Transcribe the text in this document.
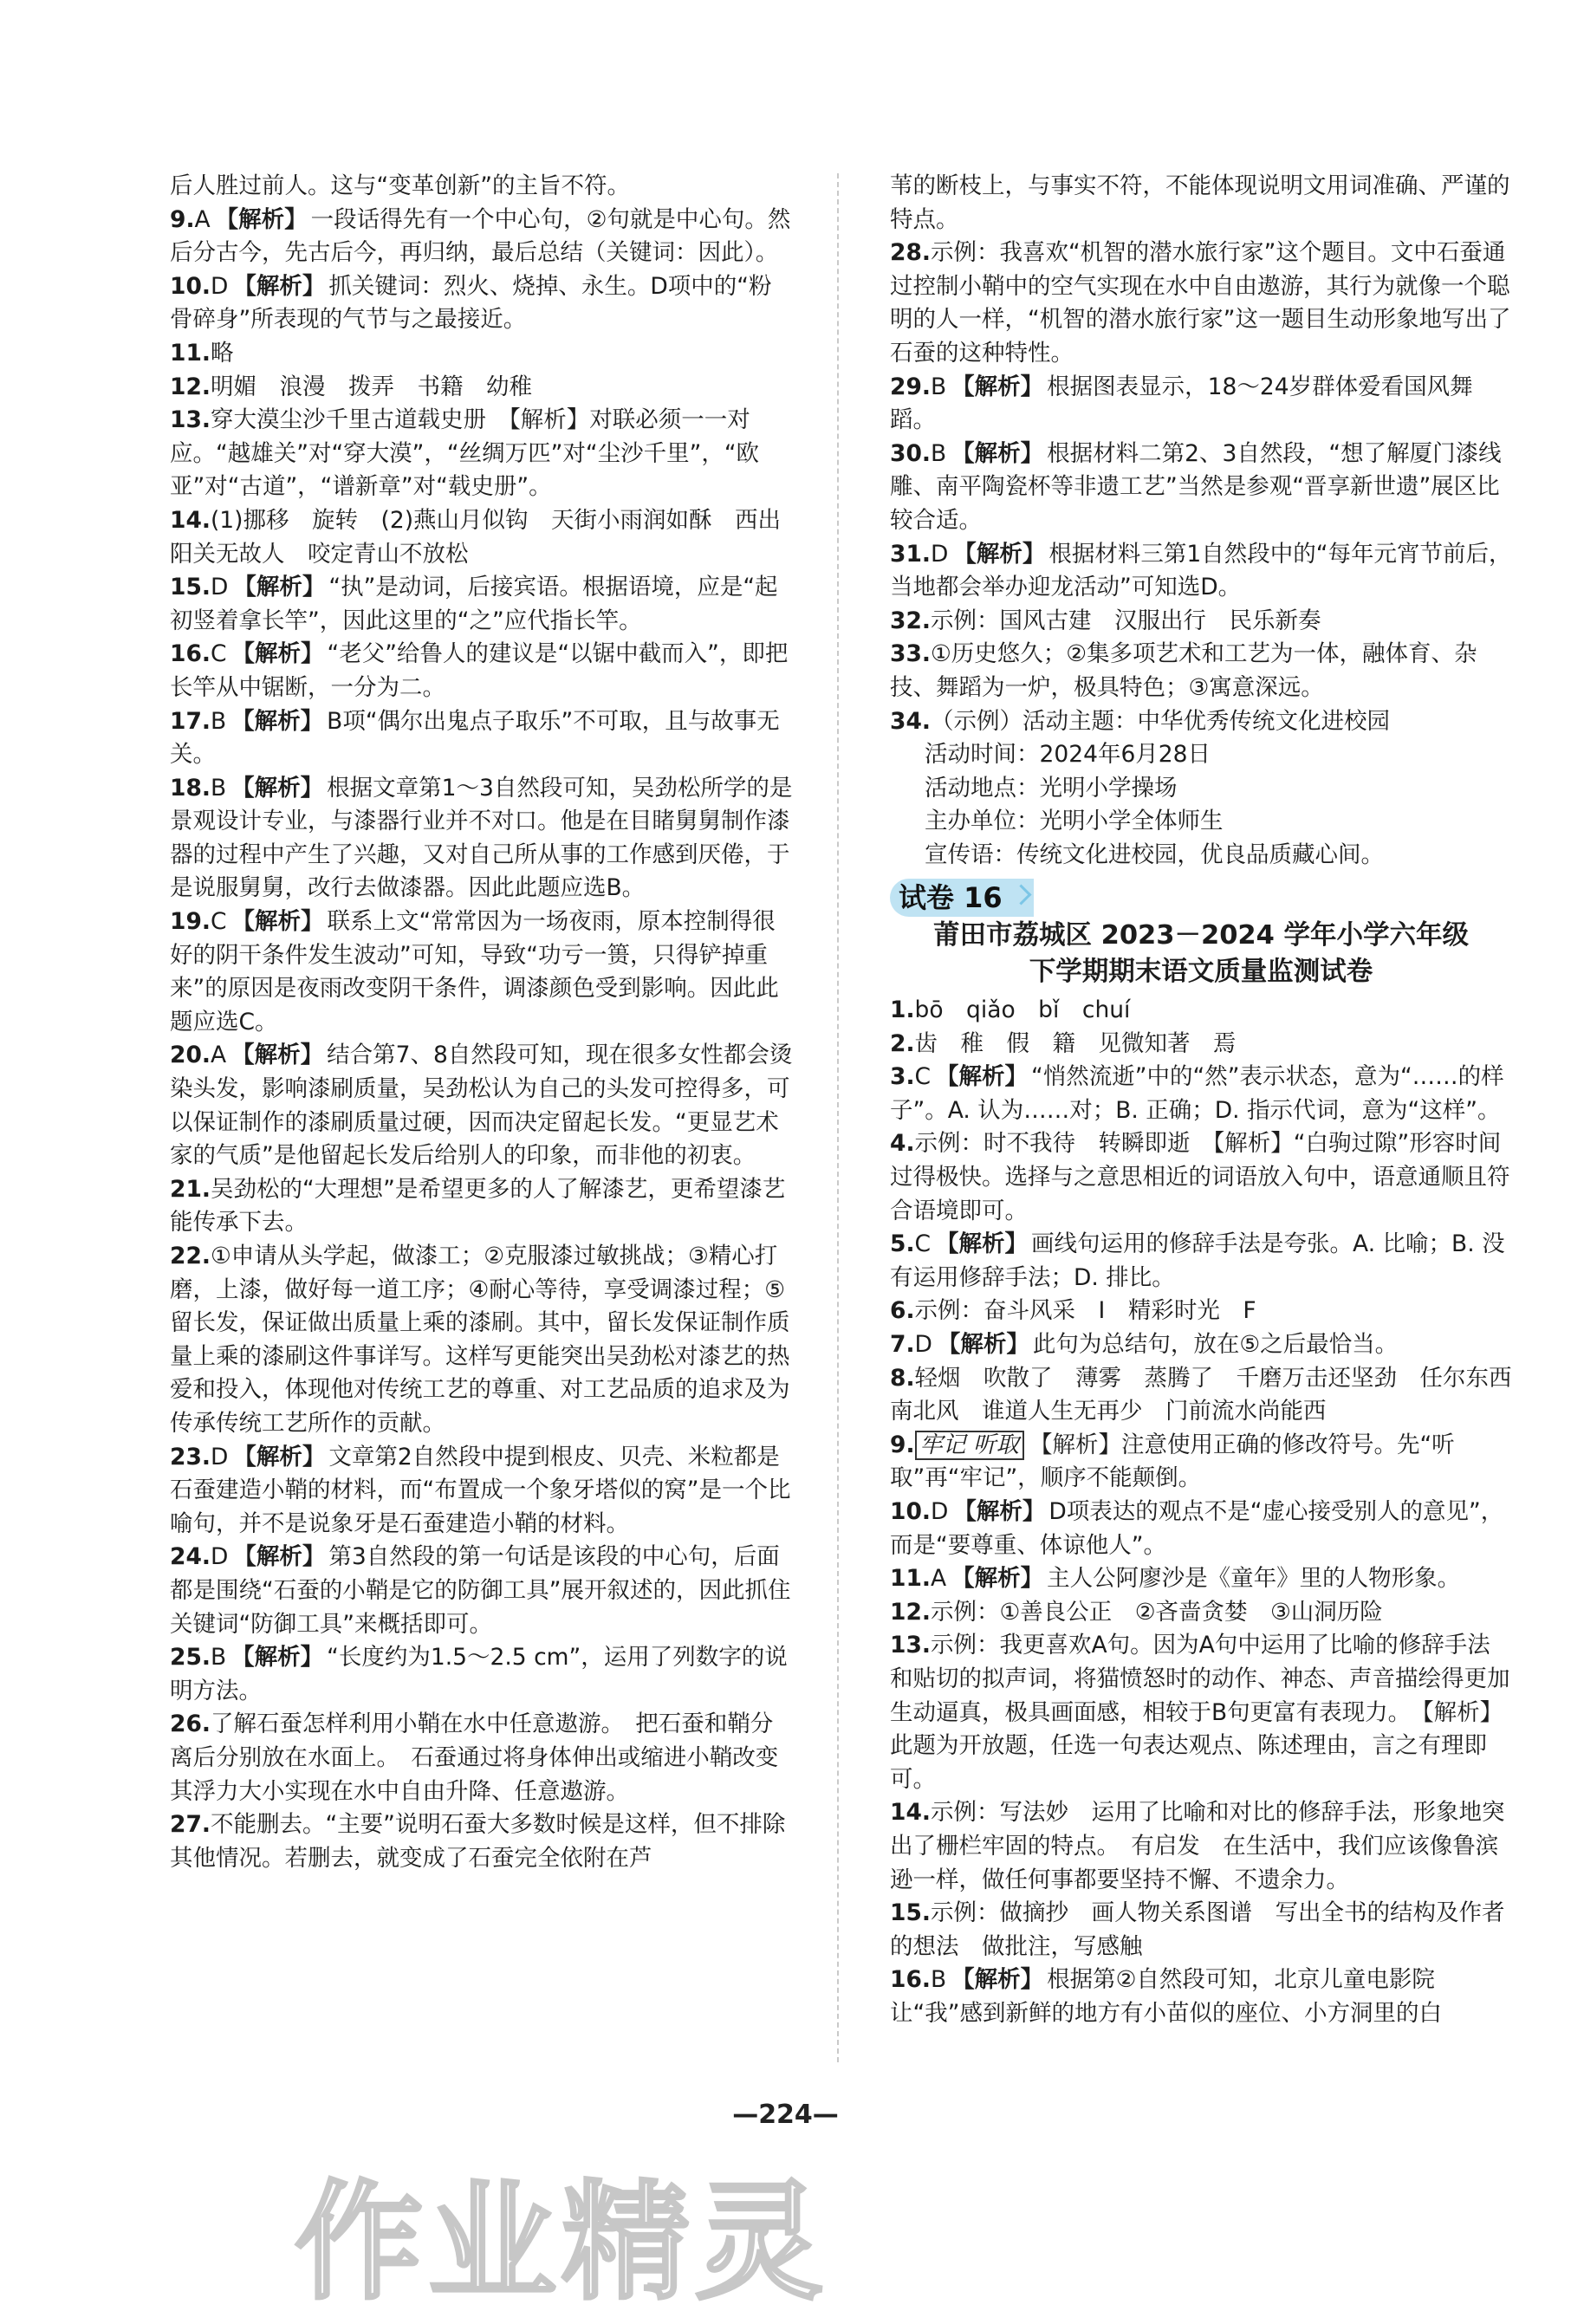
后人胜过前人。这与“变革创新”的主旨不符。

9.A 【解析】 一段话得先有一个中心句，②句就是中心句。然后分古今，先古后今，再归纳，最后总结（关键词：因此）。

10.D 【解析】 抓关键词：烈火、烧掉、永生。D项中的“粉骨碎身”所表现的气节与之最接近。

11.略

12.明媚　浪漫　拨弄　书籍　幼稚

13.穿大漠尘沙千里古道载史册　【解析】对联必须一一对应。“越雄关”对“穿大漠”，“丝绸万匹”对“尘沙千里”，“欧亚”对“古道”，“谱新章”对“载史册”。

14.(1)挪移　旋转　(2)燕山月似钩　天街小雨润如酥　西出阳关无故人　咬定青山不放松

15.D 【解析】 “执”是动词，后接宾语。根据语境，应是“起初竖着拿长竿”，因此这里的“之”应代指长竿。

16.C 【解析】 “老父”给鲁人的建议是“以锯中截而入”，即把长竿从中锯断，一分为二。

17.B 【解析】 B项“偶尔出鬼点子取乐”不可取，且与故事无关。

18.B 【解析】 根据文章第1～3自然段可知，吴劲松所学的是景观设计专业，与漆器行业并不对口。他是在目睹舅舅制作漆器的过程中产生了兴趣，又对自己所从事的工作感到厌倦，于是说服舅舅，改行去做漆器。因此此题应选B。

19.C 【解析】 联系上文“常常因为一场夜雨，原本控制得很好的阴干条件发生波动”可知，导致“功亏一篑，只得铲掉重来”的原因是夜雨改变阴干条件，调漆颜色受到影响。因此此题应选C。

20.A 【解析】 结合第7、8自然段可知，现在很多女性都会烫染头发，影响漆刷质量，吴劲松认为自己的头发可控得多，可以保证制作的漆刷质量过硬，因而决定留起长发。“更显艺术家的气质”是他留起长发后给别人的印象，而非他的初衷。

21.吴劲松的“大理想”是希望更多的人了解漆艺，更希望漆艺能传承下去。

22.①申请从头学起，做漆工；②克服漆过敏挑战；③精心打磨，上漆，做好每一道工序；④耐心等待，享受调漆过程；⑤留长发，保证做出质量上乘的漆刷。其中，留长发保证制作质量上乘的漆刷这件事详写。这样写更能突出吴劲松对漆艺的热爱和投入，体现他对传统工艺的尊重、对工艺品质的追求及为传承传统工艺所作的贡献。

23.D 【解析】 文章第2自然段中提到根皮、贝壳、米粒都是石蚕建造小鞘的材料，而“布置成一个象牙塔似的窝”是一个比喻句，并不是说象牙是石蚕建造小鞘的材料。

24.D 【解析】 第3自然段的第一句话是该段的中心句，后面都是围绕“石蚕的小鞘是它的防御工具”展开叙述的，因此抓住关键词“防御工具”来概括即可。

25.B 【解析】 “长度约为1.5～2.5 cm”，运用了列数字的说明方法。

26.了解石蚕怎样利用小鞘在水中任意遨游。　把石蚕和鞘分离后分别放在水面上。　石蚕通过将身体伸出或缩进小鞘改变其浮力大小实现在水中自由升降、任意遨游。

27.不能删去。“主要”说明石蚕大多数时候是这样，但不排除其他情况。若删去，就变成了石蚕完全依附在芦

苇的断枝上，与事实不符，不能体现说明文用词准确、严谨的特点。

28.示例：我喜欢“机智的潜水旅行家”这个题目。文中石蚕通过控制小鞘中的空气实现在水中自由遨游，其行为就像一个聪明的人一样，“机智的潜水旅行家”这一题目生动形象地写出了石蚕的这种特性。

29.B 【解析】 根据图表显示，18～24岁群体爱看国风舞蹈。

30.B 【解析】 根据材料二第2、3自然段，“想了解厦门漆线雕、南平陶瓷杯等非遗工艺”当然是参观“晋享新世遗”展区比较合适。

31.D 【解析】 根据材料三第1自然段中的“每年元宵节前后，当地都会举办迎龙活动”可知选D。

32.示例：国风古建　汉服出行　民乐新奏

33.①历史悠久；②集多项艺术和工艺为一体，融体育、杂技、舞蹈为一炉，极具特色；③寓意深远。

34.（示例）活动主题：中华优秀传统文化进校园

活动时间：2024年6月28日

活动地点：光明小学操场

主办单位：光明小学全体师生

宣传语：传统文化进校园，优良品质藏心间。

试卷 16
莆田市荔城区 2023－2024 学年小学六年级
下学期期末语文质量监测试卷

1.bō　qiǎo　bǐ　chuí

2.齿　稚　假　籍　见微知著　焉

3.C 【解析】 “悄然流逝”中的“然”表示状态，意为“……的样子”。A. 认为……对；B. 正确；D. 指示代词，意为“这样”。

4.示例：时不我待　转瞬即逝　【解析】“白驹过隙”形容时间过得极快。选择与之意思相近的词语放入句中，语意通顺且符合语境即可。

5.C 【解析】 画线句运用的修辞手法是夸张。A. 比喻；B. 没有运用修辞手法；D. 排比。

6.示例：奋斗风采　I　精彩时光　F

7.D 【解析】 此句为总结句，放在⑤之后最恰当。

8.轻烟　吹散了　薄雾　蒸腾了　千磨万击还坚劲　任尔东西南北风　谁道人生无再少　门前流水尚能西

9. 牢记 听取 【解析】注意使用正确的修改符号。先“听取”再“牢记”，顺序不能颠倒。

10.D 【解析】 D项表达的观点不是“虚心接受别人的意见”，而是“要尊重、体谅他人”。

11.A 【解析】 主人公阿廖沙是《童年》里的人物形象。

12.示例：①善良公正　②吝啬贪婪　③山洞历险

13.示例：我更喜欢A句。因为A句中运用了比喻的修辞手法和贴切的拟声词，将猫愤怒时的动作、神态、声音描绘得更加生动逼真，极具画面感，相较于B句更富有表现力。　【解析】此题为开放题，任选一句表达观点、陈述理由，言之有理即可。

14.示例：写法妙　运用了比喻和对比的修辞手法，形象地突出了栅栏牢固的特点。　有启发　在生活中，我们应该像鲁滨逊一样，做任何事都要坚持不懈、不遗余力。

15.示例：做摘抄　画人物关系图谱　写出全书的结构及作者的想法　做批注，写感触

16.B 【解析】 根据第②自然段可知，北京儿童电影院让“我”感到新鲜的地方有小苗似的座位、小方洞里的白

—224—
作业精灵
